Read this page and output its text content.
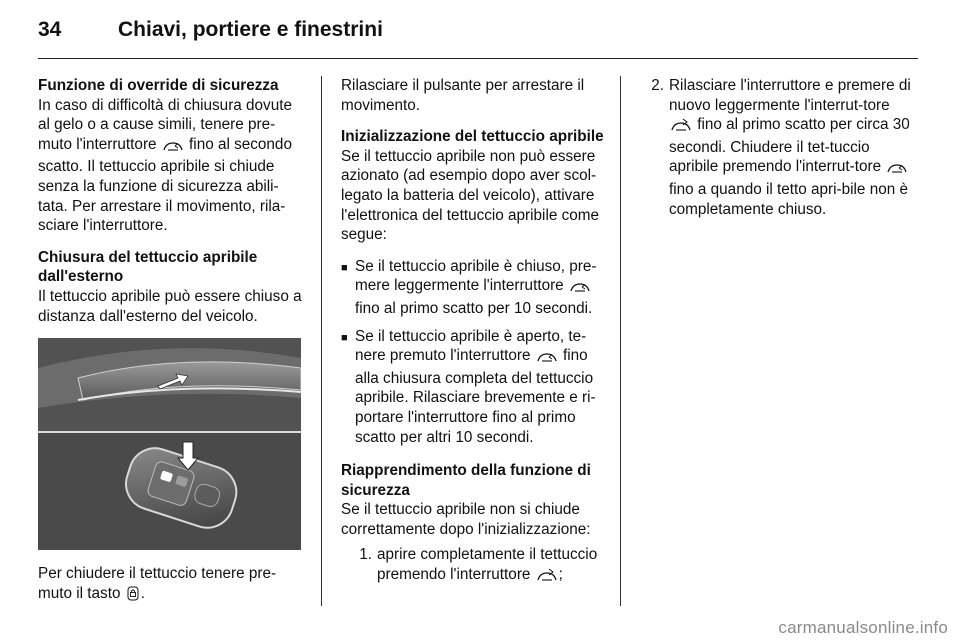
34	Chiavi, portiere e finestrini
Funzione di override di sicurezza
In caso di difficoltà di chiusura dovute al gelo o a cause simili, tenere pre-muto l'interruttore fino al secondo scatto. Il tettuccio apribile si chiude senza la funzione di sicurezza abili-tata. Per arrestare il movimento, rila-sciare l'interruttore.
Chiusura del tettuccio apribile dall'esterno

Il tettuccio apribile può essere chiuso a distanza dall'esterno del veicolo.

Per chiudere il tettuccio tenere pre-muto il tasto .

Rilasciare il pulsante per arrestare il movimento.

Inizializzazione del tettuccio apribile

Se il tettuccio apribile non può essere azionato (ad esempio dopo aver scol-legato la batteria del veicolo), attivare l'elettronica del tettuccio apribile come segue:

■ Se il tettuccio apribile è chiuso, pre-mere leggermente l'interruttore  fino al primo scatto per 10 secondi.
■ Se il tettuccio apribile è aperto, te-nere premuto l'interruttore fino alla chiusura completa del tettuccio apribile. Rilasciare brevemente e ri-portare l'interruttore fino al primo scatto per altri 10 secondi.
Riapprendimento della funzione di sicurezza

Se il tettuccio apribile non si chiude correttamente dopo l'inizializzazione:

1. aprire completamente il tettuccio premendo l'interruttore ;
2. Rilasciare l'interruttore e premere di nuovo leggermente l'interrut-tore  fino al primo scatto per circa 30 secondi. Chiudere il tet-tuccio apribile premendo l'interrut-tore  fino a quando il tetto apri-bile non è completamente chiuso.
carmanualsonline.info
